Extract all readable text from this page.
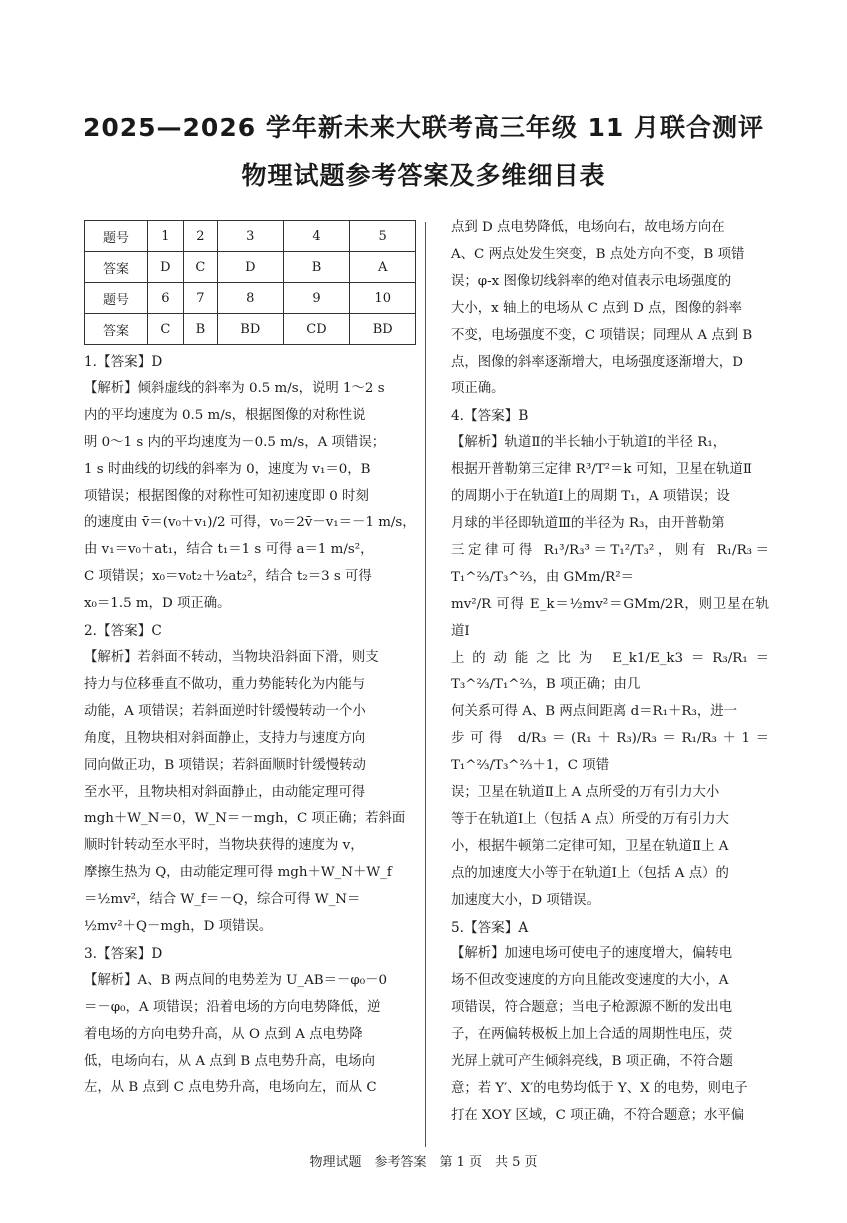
2025—2026 学年新未来大联考高三年级 11 月联合测评
物理试题参考答案及多维细目表
题号	1	2	3	4	5
答案	D	C	D	B	A
题号	6	7	8	9	10
答案	C	B	BD	CD	BD

1.【答案】D

【解析】倾斜虚线的斜率为 0.5 m/s，说明 1～2 s

内的平均速度为 0.5 m/s，根据图像的对称性说

明 0～1 s 内的平均速度为－0.5 m/s，A 项错误；

1 s 时曲线的切线的斜率为 0，速度为 v₁＝0，B

项错误；根据图像的对称性可知初速度即 0 时刻

的速度由 v̄＝(v₀＋v₁)/2 可得，v₀＝2v̄－v₁＝－1 m/s，

由 v₁＝v₀＋at₁，结合 t₁＝1 s 可得 a＝1 m/s²，

C 项错误；x₀＝v₀t₂＋½at₂²，结合 t₂＝3 s 可得

x₀＝1.5 m，D 项正确。

2.【答案】C

【解析】若斜面不转动，当物块沿斜面下滑，则支

持力与位移垂直不做功，重力势能转化为内能与

动能，A 项错误；若斜面逆时针缓慢转动一个小

角度，且物块相对斜面静止，支持力与速度方向

同向做正功，B 项错误；若斜面顺时针缓慢转动

至水平，且物块相对斜面静止，由动能定理可得

mgh＋W_N＝0，W_N＝－mgh，C 项正确；若斜面

顺时针转动至水平时，当物块获得的速度为 v，

摩擦生热为 Q，由动能定理可得 mgh＋W_N＋W_f

＝½mv²，结合 W_f＝－Q，综合可得 W_N＝

½mv²＋Q－mgh，D 项错误。

3.【答案】D

【解析】A、B 两点间的电势差为 U_AB＝－φ₀－0

＝－φ₀，A 项错误；沿着电场的方向电势降低，逆

着电场的方向电势升高，从 O 点到 A 点电势降

低，电场向右，从 A 点到 B 点电势升高，电场向

左，从 B 点到 C 点电势升高，电场向左，而从 C

点到 D 点电势降低，电场向右，故电场方向在

A、C 两点处发生突变，B 点处方向不变，B 项错

误；φ-x 图像切线斜率的绝对值表示电场强度的

大小，x 轴上的电场从 C 点到 D 点，图像的斜率

不变，电场强度不变，C 项错误；同理从 A 点到 B

点，图像的斜率逐渐增大，电场强度逐渐增大，D

项正确。

4.【答案】B

【解析】轨道Ⅱ的半长轴小于轨道Ⅰ的半径 R₁，

根据开普勒第三定律 R³/T²＝k 可知，卫星在轨道Ⅱ

的周期小于在轨道Ⅰ上的周期 T₁，A 项错误；设

月球的半径即轨道Ⅲ的半径为 R₃，由开普勒第

三定律可得 R₁³/R₃³＝T₁²/T₃²，则有 R₁/R₃＝T₁^⅔/T₃^⅔，由 GMm/R²＝

mv²/R 可得 E_k＝½mv²＝GMm/2R，则卫星在轨道Ⅰ

上的动能之比为 E_k1/E_k3＝R₃/R₁＝T₃^⅔/T₁^⅔，B 项正确；由几

何关系可得 A、B 两点间距离 d＝R₁＋R₃，进一

步可得 d/R₃＝(R₁＋R₃)/R₃＝R₁/R₃＋1＝T₁^⅔/T₃^⅔＋1，C 项错

误；卫星在轨道Ⅱ上 A 点所受的万有引力大小

等于在轨道Ⅰ上（包括 A 点）所受的万有引力大

小，根据牛顿第二定律可知，卫星在轨道Ⅱ上 A

点的加速度大小等于在轨道Ⅰ上（包括 A 点）的

加速度大小，D 项错误。

5.【答案】A

【解析】加速电场可使电子的速度增大，偏转电

场不但改变速度的方向且能改变速度的大小，A

项错误，符合题意；当电子枪源源不断的发出电

子，在两偏转极板上加上合适的周期性电压，荧

光屏上就可产生倾斜亮线，B 项正确，不符合题

意；若 Y′、X′的电势均低于 Y、X 的电势，则电子

打在 XOY 区域，C 项正确，不符合题意；水平偏

物理试题　参考答案　第 1 页　共 5 页
